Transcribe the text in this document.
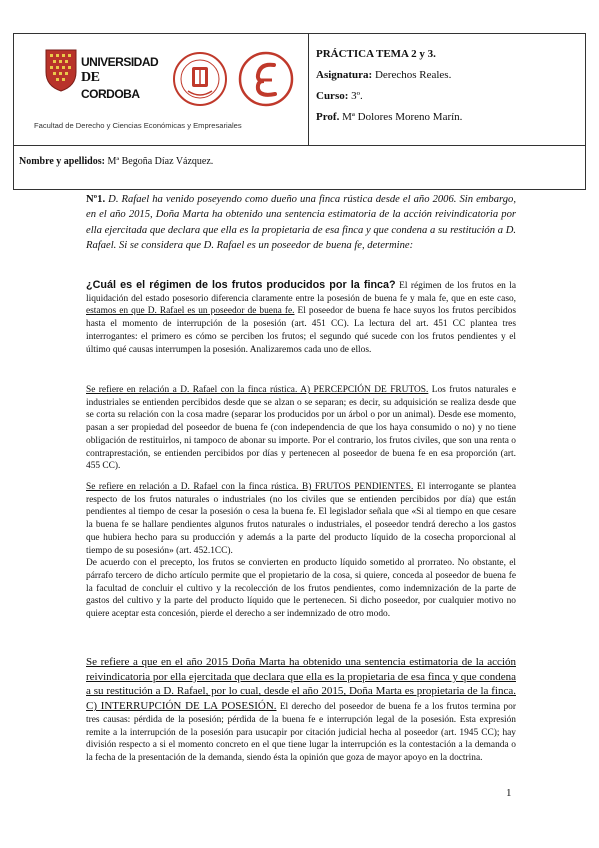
UNIVERSIDAD
DE
CORDOBA
Facultad de Derecho y Ciencias Económicas y Empresariales

PRÁCTICA TEMA 2 y 3.
Asignatura: Derechos Reales.
Curso: 3º.
Prof. Mª Dolores Moreno Marín.

Nombre y apellidos: Mª Begoña Díaz Vázquez.
Nº1. D. Rafael ha venido poseyendo como dueño una finca rústica desde el año 2006. Sin embargo, en el año 2015, Doña Marta ha obtenido una sentencia estimatoria de la acción reivindicatoria por ella ejercitada que declara que ella es la propietaria de esa finca y que condena a su restitución a D. Rafael. Si se considera que D. Rafael es un poseedor de buena fe, determine:
¿Cuál es el régimen de los frutos producidos por la finca? El régimen de los frutos en la liquidación del estado posesorio diferencia claramente entre la posesión de buena fe y mala fe, que en este caso, estamos en que D. Rafael es un poseedor de buena fe. El poseedor de buena fe hace suyos los frutos percibidos hasta el momento de interrupción de la posesión (art. 451 CC). La lectura del art. 451 CC plantea tres interrogantes: el primero es cómo se perciben los frutos; el segundo qué sucede con los frutos pendientes y el último qué causas interrumpen la posesión. Analizaremos cada uno de ellos.
Se refiere en relación a D. Rafael con la finca rústica. A) PERCEPCIÓN DE FRUTOS. Los frutos naturales e industriales se entienden percibidos desde que se alzan o se separan; es decir, su adquisición se realiza desde que se corta su relación con la cosa madre (separar los producidos por un árbol o por un animal). Desde ese momento, pasan a ser propiedad del poseedor de buena fe (con independencia de que los haya consumido o no) y no tiene obligación de restituirlos, ni tampoco de abonar su importe. Por el contrario, los frutos civiles, que son una renta o contraprestación, se entienden percibidos por días y pertenecen al poseedor de buena fe en esa proporción (art. 455 CC).
Se refiere en relación a D. Rafael con la finca rústica. B) FRUTOS PENDIENTES. El interrogante se plantea respecto de los frutos naturales o industriales (no los civiles que se entienden percibidos por día) que están pendientes al tiempo de cesar la posesión o cesa la buena fe. El legislador señala que «Si al tiempo en que cesare la buena fe se hallare pendientes algunos frutos naturales o industriales, el poseedor tendrá derecho a los gastos que hubiera hecho para su producción y además a la parte del producto líquido de la cosecha proporcional al tiempo de su posesión» (art. 452.1CC).
De acuerdo con el precepto, los frutos se convierten en producto líquido sometido al prorrateo. No obstante, el párrafo tercero de dicho artículo permite que el propietario de la cosa, si quiere, conceda al poseedor de buena fe la facultad de concluir el cultivo y la recolección de los frutos pendientes, como indemnización de la parte de gastos del cultivo y la parte del producto líquido que le pertenecen. Si dicho poseedor, por cualquier motivo no quiere aceptar esta concesión, pierde el derecho a ser indemnizado de otro modo.
Se refiere a que en el año 2015 Doña Marta ha obtenido una sentencia estimatoria de la acción reivindicatoria por ella ejercitada que declara que ella es la propietaria de esa finca y que condena a su restitución a D. Rafael, por lo cual, desde el año 2015, Doña Marta es propietaria de la finca. C) INTERRUPCIÓN DE LA POSESIÓN. El derecho del poseedor de buena fe a los frutos termina por tres causas: pérdida de la posesión; pérdida de la buena fe e interrupción legal de la posesión. Esta expresión remite a la interrupción de la posesión para usucapir por citación judicial hecha al poseedor (art. 1945 CC); hay división respecto a si el momento concreto en el que tiene lugar la interrupción es la contestación a la demanda o la fecha de la presentación de la demanda, siendo ésta la opinión que goza de mayor apoyo en la doctrina.
1
